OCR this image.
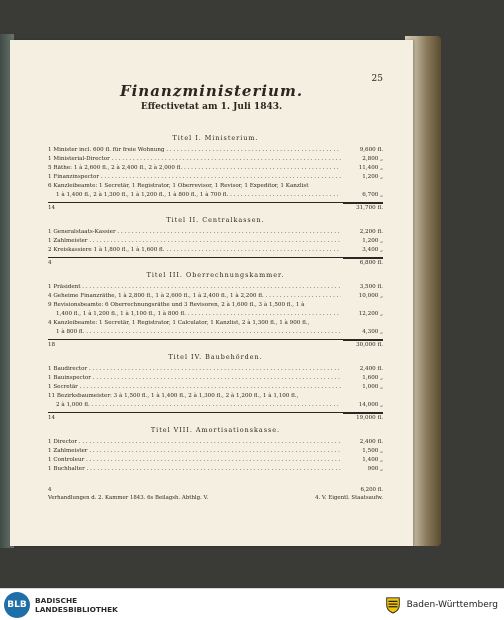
25
Finanzministerium.
Effectivetat am 1. Juli 1843.
Titel I. Ministerium.
1 Minister incl. 600 fl. für freie Wohnung . . .	9,600 fl.
1 Ministerial-Director . . .	2,800 „
5 Räthe: 1 à 2,600 fl., 2 à 2,400 fl., 2 à 2,000 fl. . . .	11,400 „
1 Finanzinspector . . .	1,200 „
6 Kanzleibeamte: 1 Secretär, 1 Registrator, 1 Oberrevisor, 1 Revisor, 1 Expeditor, 1 Kanzlist
1 à 1,400 fl., 2 à 1,300 fl., 1 à 1,200 fl., 1 à 800 fl., 1 à 700 fl. . . .	6,700 „
14	31,700 fl.
Titel II. Centralkassen.
1 Generalstaats-Kassier . . .	2,200 fl.
1 Zahlmeister . . .	1,200 „
2 Kreiskassiere 1 à 1,800 fl., 1 à 1,600 fl. . . .	3,400 „
4	6,800 fl.
Titel III. Oberrechnungskammer.
1 Präsident . . .	3,500 fl.
4 Geheime Finanzräthe, 1 à 2,800 fl., 1 à 2,600 fl., 1 à 2,400 fl., 1 à 2,200 fl. . . .	10,000 „
9 Revisionsbeamte: 6 Oberrechnungsräthe und 3 Revisoren, 2 à 1,600 fl., 3 à 1,500 fl., 1 à
1,400 fl., 1 à 1,200 fl., 1 à 1,100 fl., 1 à 800 fl. . . .	12,200 „
4 Kanzleibeamte: 1 Secretär, 1 Registrator, 1 Calculator, 1 Kanzlist, 2 à 1,300 fl., 1 à 900 fl.,
1 à 800 fl. . . .	4,300 „
18	30,000 fl.
Titel IV. Baubehörden.
1 Baudirector . . .	2,400 fl.
1 Bauinspector . . .	1,600 „
1 Secretär . . .	1,000 „
11 Bezirksbaumeister: 3 à 1,500 fl., 1 à 1,400 fl., 2 à 1,300 fl., 2 à 1,200 fl., 1 à 1,100 fl.,
2 à 1,000 fl. . . .	14,000 „
14	19,000 fl.
Titel VIII. Amortisationskasse.
1 Director . . .	2,400 fl.
1 Zahlmeister . . .	1,500 „
1 Controleur . . .	1,400 „
1 Buchhalter . . .	900 „
4	6,200 fl.
Verhandlungen d. 2. Kammer 1843. 6s Beilagsh. Abthlg. V.	4. V. Eigentl. Staatsaufw.
BLB	BADISCHE
LANDESBIBLIOTHEK	Baden-Württemberg
